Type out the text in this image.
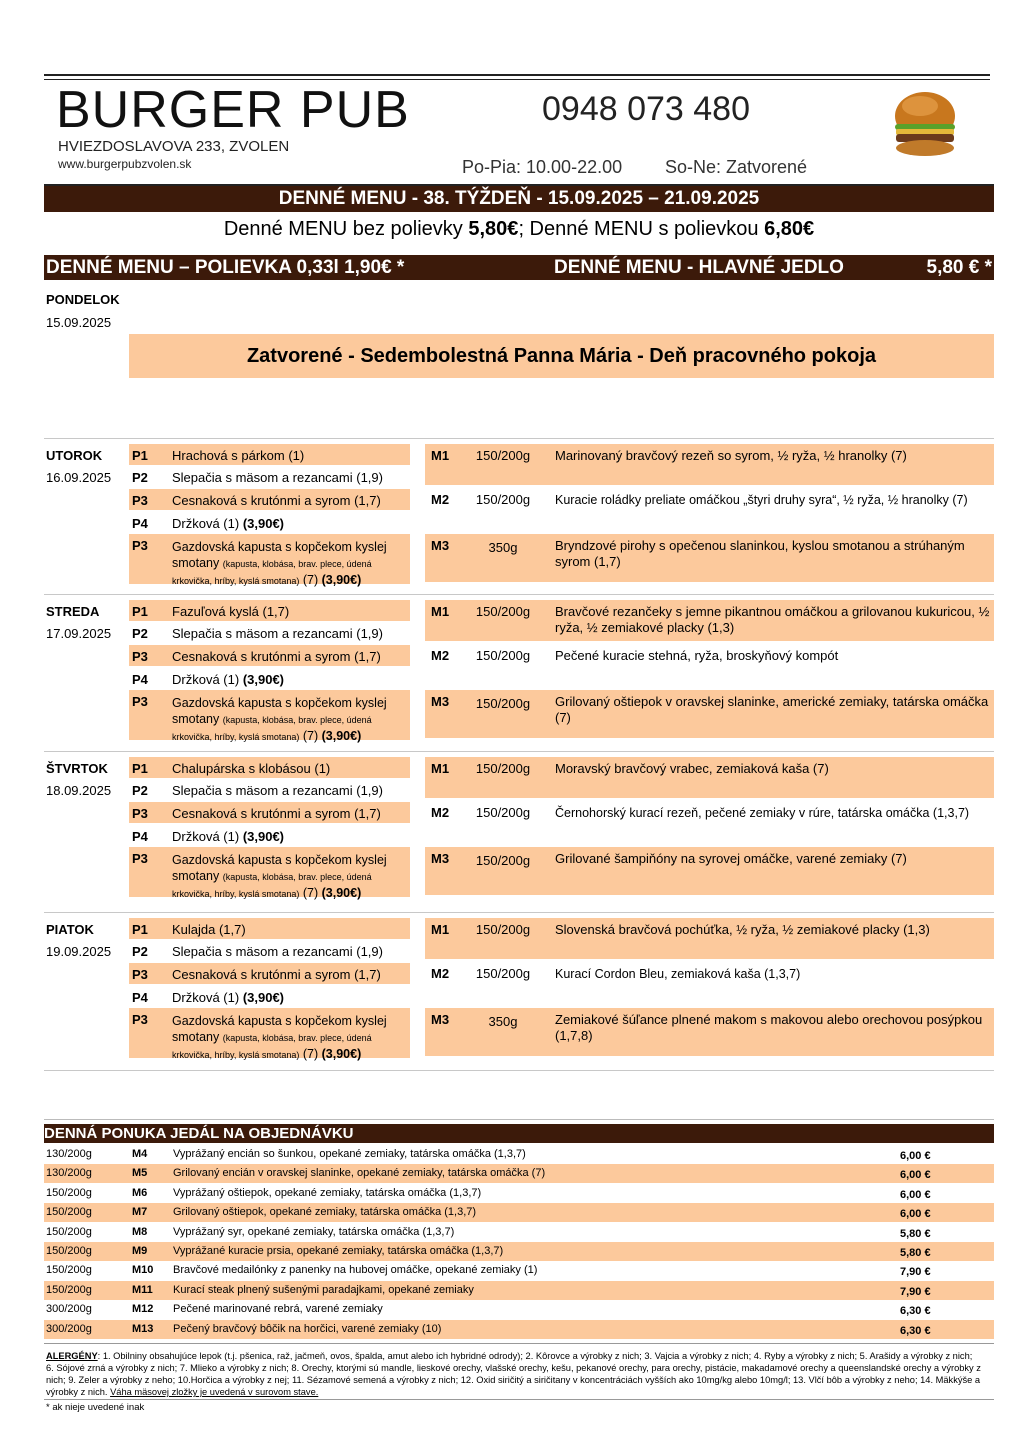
BURGER PUB
HVIEZDOSLAVOVA 233, ZVOLEN
www.burgerpubzvolen.sk
0948 073 480
Po-Pia: 10.00-22.00 So-Ne: Zatvorené
DENNÉ MENU - 38. TÝŽDEŇ - 15.09.2025 – 21.09.2025
Denné MENU bez polievky 5,80€; Denné MENU s polievkou 6,80€
DENNÉ MENU – POLIEVKA 0,33l 1,90€ *	DENNÉ MENU - HLAVNÉ JEDLO	5,80 € *
PONDELOK
15.09.2025
Zatvorené - Sedembolestná Panna Mária - Deň pracovného pokoja
UTOROK
16.09.2025
P1 Hrachová s párkom (1)
P2 Slepačia s mäsom a rezancami (1,9)
P3 Cesnaková s krutónmi a syrom (1,7)
P4 Držková (1) (3,90€)
P3 Gazdovská kapusta s kopčekom kyslej smotany (kapusta, klobása, brav. plece, údená krkovička, hríby, kyslá smotana) (7) (3,90€)
M1	150/200g	Marinovaný bravčový rezeň so syrom, ½ ryža, ½ hranolky (7)
M2	150/200g	Kuracie roládky preliate omáčkou „štyri druhy syra“, ½ ryža, ½ hranolky (7)
M3	350g	Bryndzové pirohy s opečenou slaninkou, kyslou smotanou a strúhaným syrom (1,7)
STREDA
17.09.2025
P1 Fazuľová kyslá (1,7)
P2 Slepačia s mäsom a rezancami (1,9)
P3 Cesnaková s krutónmi a syrom (1,7)
P4 Držková (1) (3,90€)
P3 Gazdovská kapusta s kopčekom kyslej smotany (kapusta, klobása, brav. plece, údená krkovička, hríby, kyslá smotana) (7) (3,90€)
M1	150/200g	Bravčové rezančeky s jemne pikantnou omáčkou a grilovanou kukuricou, ½ ryža, ½ zemiakové placky (1,3)
M2	150/200g	Pečené kuracie stehná, ryža, broskyňový kompót
M3	150/200g	Grilovaný oštiepok v oravskej slaninke, americké zemiaky, tatárska omáčka (7)
ŠTVRTOK
18.09.2025
P1 Chalupárska s klobásou (1)
P2 Slepačia s mäsom a rezancami (1,9)
P3 Cesnaková s krutónmi a syrom (1,7)
P4 Držková (1) (3,90€)
P3 Gazdovská kapusta s kopčekom kyslej smotany (kapusta, klobása, brav. plece, údená krkovička, hríby, kyslá smotana) (7) (3,90€)
M1	150/200g	Moravský bravčový vrabec, zemiaková kaša (7)
M2	150/200g	Černohorský kurací rezeň, pečené zemiaky v rúre, tatárska omáčka (1,3,7)
M3	150/200g	Grilované šampiňóny na syrovej omáčke, varené zemiaky (7)
PIATOK
19.09.2025
P1 Kulajda (1,7)
P2 Slepačia s mäsom a rezancami (1,9)
P3 Cesnaková s krutónmi a syrom (1,7)
P4 Držková (1) (3,90€)
P3 Gazdovská kapusta s kopčekom kyslej smotany (kapusta, klobása, brav. plece, údená krkovička, hríby, kyslá smotana) (7) (3,90€)
M1	150/200g	Slovenská bravčová pochúťka, ½ ryža, ½ zemiakové placky (1,3)
M2	150/200g	Kurací Cordon Bleu, zemiaková kaša (1,3,7)
M3	350g	Zemiakové šúľance plnené makom s makovou alebo orechovou posýpkou (1,7,8)
DENNÁ PONUKA JEDÁL NA OBJEDNÁVKU
130/200g	M4 Vyprážaný encián so šunkou, opekané zemiaky, tatárska omáčka (1,3,7)	6,00 €
130/200g	M5 Grilovaný encián v oravskej slaninke, opekané zemiaky, tatárska omáčka (7)	6,00 €
150/200g	M6 Vyprážaný oštiepok, opekané zemiaky, tatárska omáčka (1,3,7)	6,00 €
150/200g	M7 Grilovaný oštiepok, opekané zemiaky, tatárska omáčka (1,3,7)	6,00 €
150/200g	M8 Vyprážaný syr, opekané zemiaky, tatárska omáčka (1,3,7)	5,80 €
150/200g	M9 Vyprážané kuracie prsia, opekané zemiaky, tatárska omáčka (1,3,7)	5,80 €
150/200g	M10 Bravčové medailónky z panenky na hubovej omáčke, opekané zemiaky (1)	7,90 €
150/200g	M11 Kurací steak plnený sušenými paradajkami, opekané zemiaky	7,90 €
300/200g	M12 Pečené marinované rebrá, varené zemiaky	6,30 €
300/200g	M13 Pečený bravčový bôčik na horčici, varené zemiaky (10)	6,30 €
ALERGÉNY: 1. Obilniny obsahujúce lepok (t.j. pšenica, raž, jačmeň, ovos, špalda, amut alebo ich hybridné odrody); 2. Kôrovce a výrobky z nich; 3. Vajcia a výrobky z nich; 4. Ryby a výrobky z nich; 5. Arašidy a výrobky z nich; 6. Sójové zrná a výrobky z nich; 7. Mlieko a výrobky z nich; 8. Orechy, ktorými sú mandle, lieskové orechy, vlašské orechy, kešu, pekanové orechy, para orechy, pistácie, makadamové orechy a queenslandské orechy a výrobky z nich; 9. Zeler a výrobky z neho; 10.Horčica a výrobky z nej; 11. Sézamové semená a výrobky z nich; 12. Oxid siričitý a siričitany v koncentráciách vyšších ako 10mg/kg alebo 10mg/l; 13. Vlčí bôb a výrobky z neho; 14. Mäkkýše a výrobky z nich. Váha mäsovej zložky je uvedená v surovom stave.
* ak nieje uvedené inak
